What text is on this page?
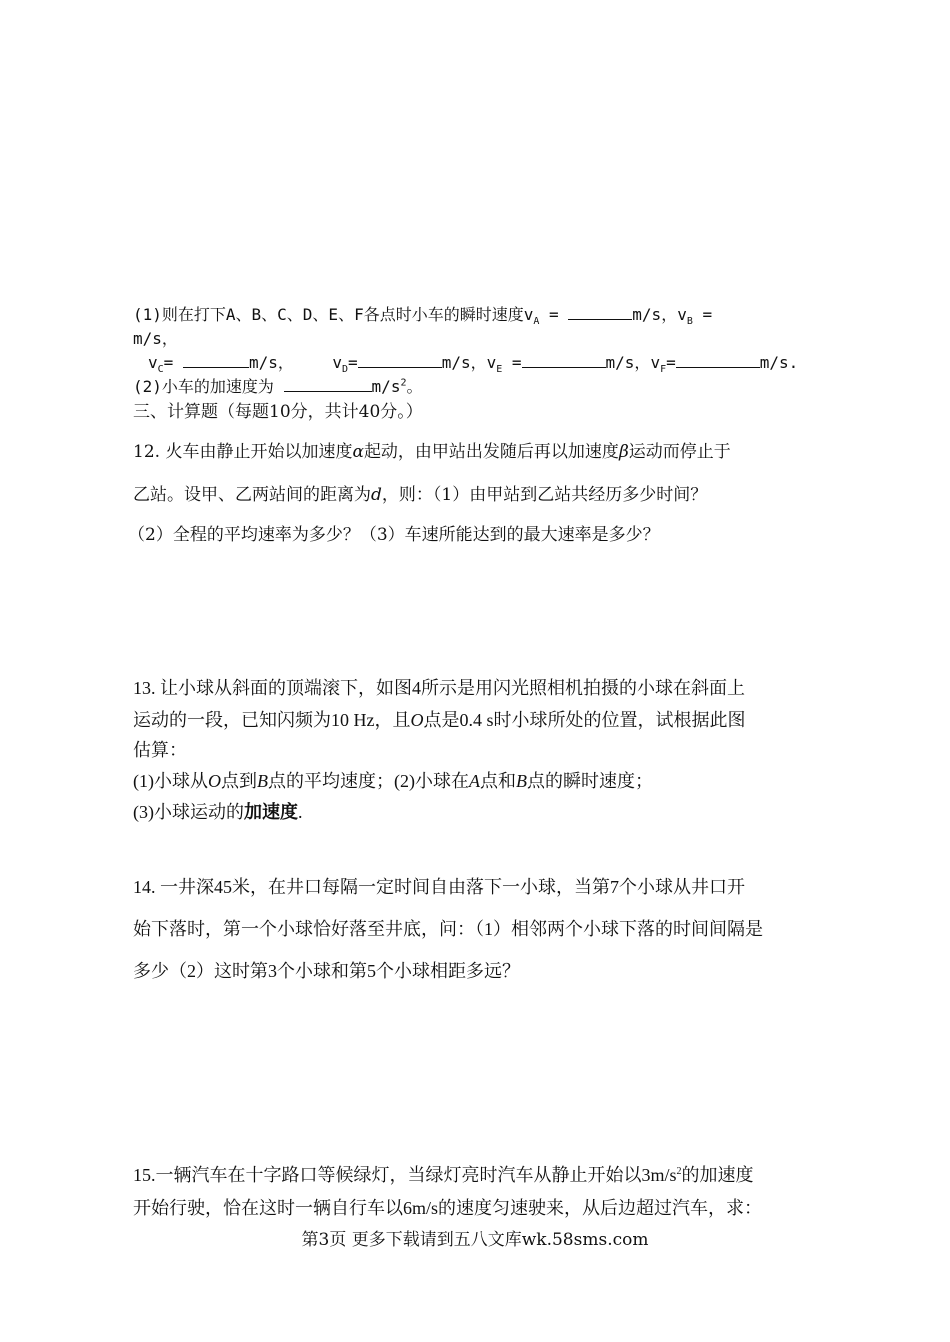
(1)则在打下A、B、C、D、E、F各点时小车的瞬时速度$v_A$ =	m/s，$v_B$ =
m/s，
$v_C=$	m/s， $v_D=$	m/s，$v_E$ =	m/s，$v_F=$	m/s.
(2)小车的加速度为	$m/s^2$。
三、计算题（每题10分，共计40分。）
12. 火车由静止开始以加速度α起动，由甲站出发随后再以加速度β运动而停止于
乙站。设甲、乙两站间的距离为d，则：（1）由甲站到乙站共经历多少时间？
（2）全程的平均速率为多少？（3）车速所能达到的最大速率是多少？
13. 让小球从斜面的顶端滚下，如图4所示是用闪光照相机拍摄的小球在斜面上
运动的一段，已知闪频为10 Hz，且O点是0.4 s时小球所处的位置，试根据此图
估算：
(1)小球从O点到B点的平均速度；(2)小球在A点和B点的瞬时速度；
(3)小球运动的加速度.
14. 一井深45米，在井口每隔一定时间自由落下一小球，当第7个小球从井口开
始下落时，第一个小球恰好落至井底，问：（1）相邻两个小球下落的时间间隔是
多少（2）这时第3个小球和第5个小球相距多远？
15.一辆汽车在十字路口等候绿灯，当绿灯亮时汽车从静止开始以$3m/s^2$的加速度
开始行驶，恰在这时一辆自行车以6m/s的速度匀速驶来，从后边超过汽车，求：
第3页 更多下载请到五八文库wk.58sms.com
